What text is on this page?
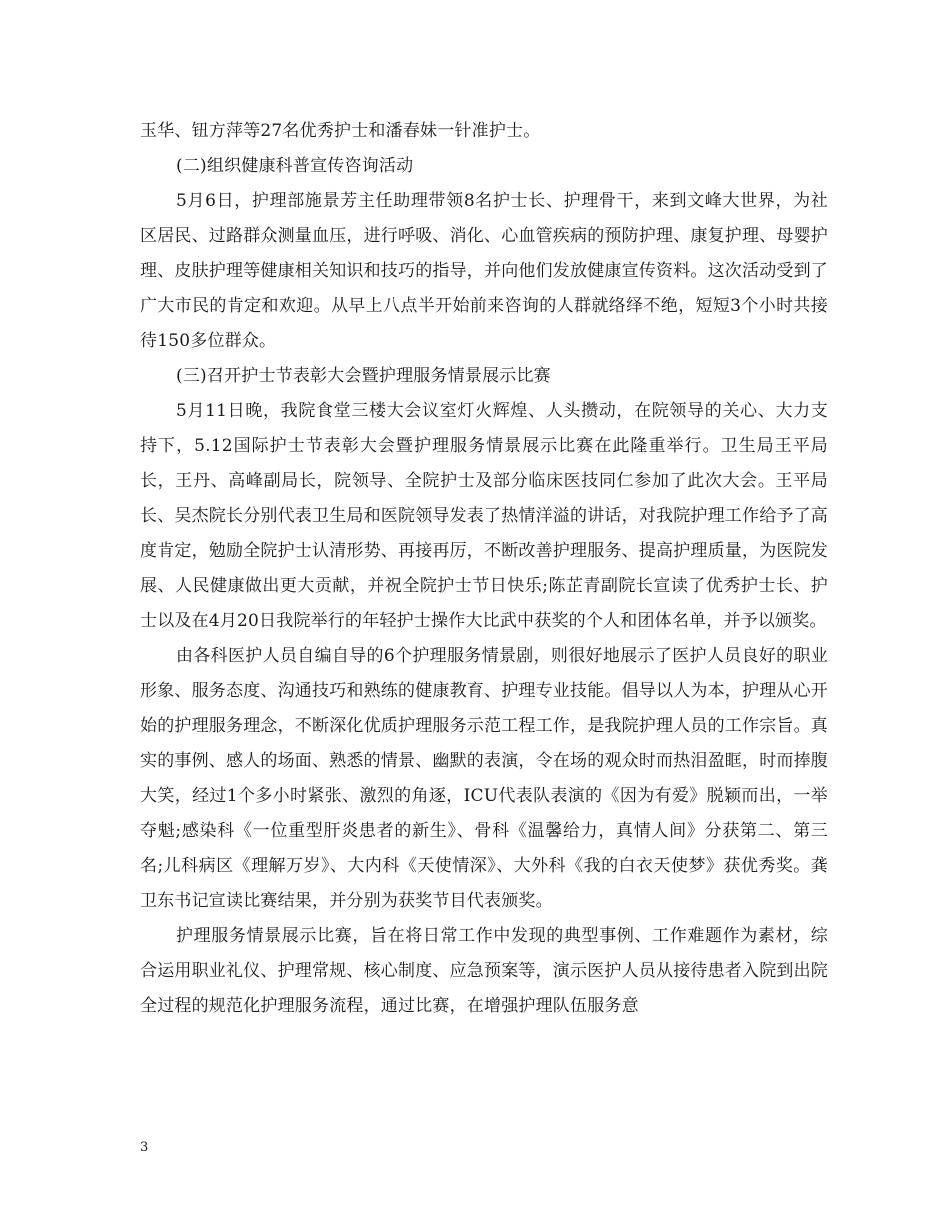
玉华、钮方萍等27名优秀护士和潘春妹一针准护士。

(二)组织健康科普宣传咨询活动

5月6日，护理部施景芳主任助理带领8名护士长、护理骨干，来到文峰大世界，为社区居民、过路群众测量血压，进行呼吸、消化、心血管疾病的预防护理、康复护理、母婴护理、皮肤护理等健康相关知识和技巧的指导，并向他们发放健康宣传资料。这次活动受到了广大市民的肯定和欢迎。从早上八点半开始前来咨询的人群就络绎不绝，短短3个小时共接待150多位群众。

(三)召开护士节表彰大会暨护理服务情景展示比赛

5月11日晚，我院食堂三楼大会议室灯火辉煌、人头攒动，在院领导的关心、大力支持下，5.12国际护士节表彰大会暨护理服务情景展示比赛在此隆重举行。卫生局王平局长，王丹、高峰副局长，院领导、全院护士及部分临床医技同仁参加了此次大会。王平局长、吴杰院长分别代表卫生局和医院领导发表了热情洋溢的讲话，对我院护理工作给予了高度肯定，勉励全院护士认清形势、再接再厉，不断改善护理服务、提高护理质量，为医院发展、人民健康做出更大贡献，并祝全院护士节日快乐;陈芷青副院长宣读了优秀护士长、护士以及在4月20日我院举行的年轻护士操作大比武中获奖的个人和团体名单，并予以颁奖。

由各科医护人员自编自导的6个护理服务情景剧，则很好地展示了医护人员良好的职业形象、服务态度、沟通技巧和熟练的健康教育、护理专业技能。倡导以人为本，护理从心开始的护理服务理念，不断深化优质护理服务示范工程工作，是我院护理人员的工作宗旨。真实的事例、感人的场面、熟悉的情景、幽默的表演，令在场的观众时而热泪盈眶，时而捧腹大笑，经过1个多小时紧张、激烈的角逐，ICU代表队表演的《因为有爱》脱颖而出，一举夺魁;感染科《一位重型肝炎患者的新生》、骨科《温馨给力，真情人间》分获第二、第三名;儿科病区《理解万岁》、大内科《天使情深》、大外科《我的白衣天使梦》获优秀奖。龚卫东书记宣读比赛结果，并分别为获奖节目代表颁奖。

护理服务情景展示比赛，旨在将日常工作中发现的典型事例、工作难题作为素材，综合运用职业礼仪、护理常规、核心制度、应急预案等，演示医护人员从接待患者入院到出院全过程的规范化护理服务流程，通过比赛，在增强护理队伍服务意

3
